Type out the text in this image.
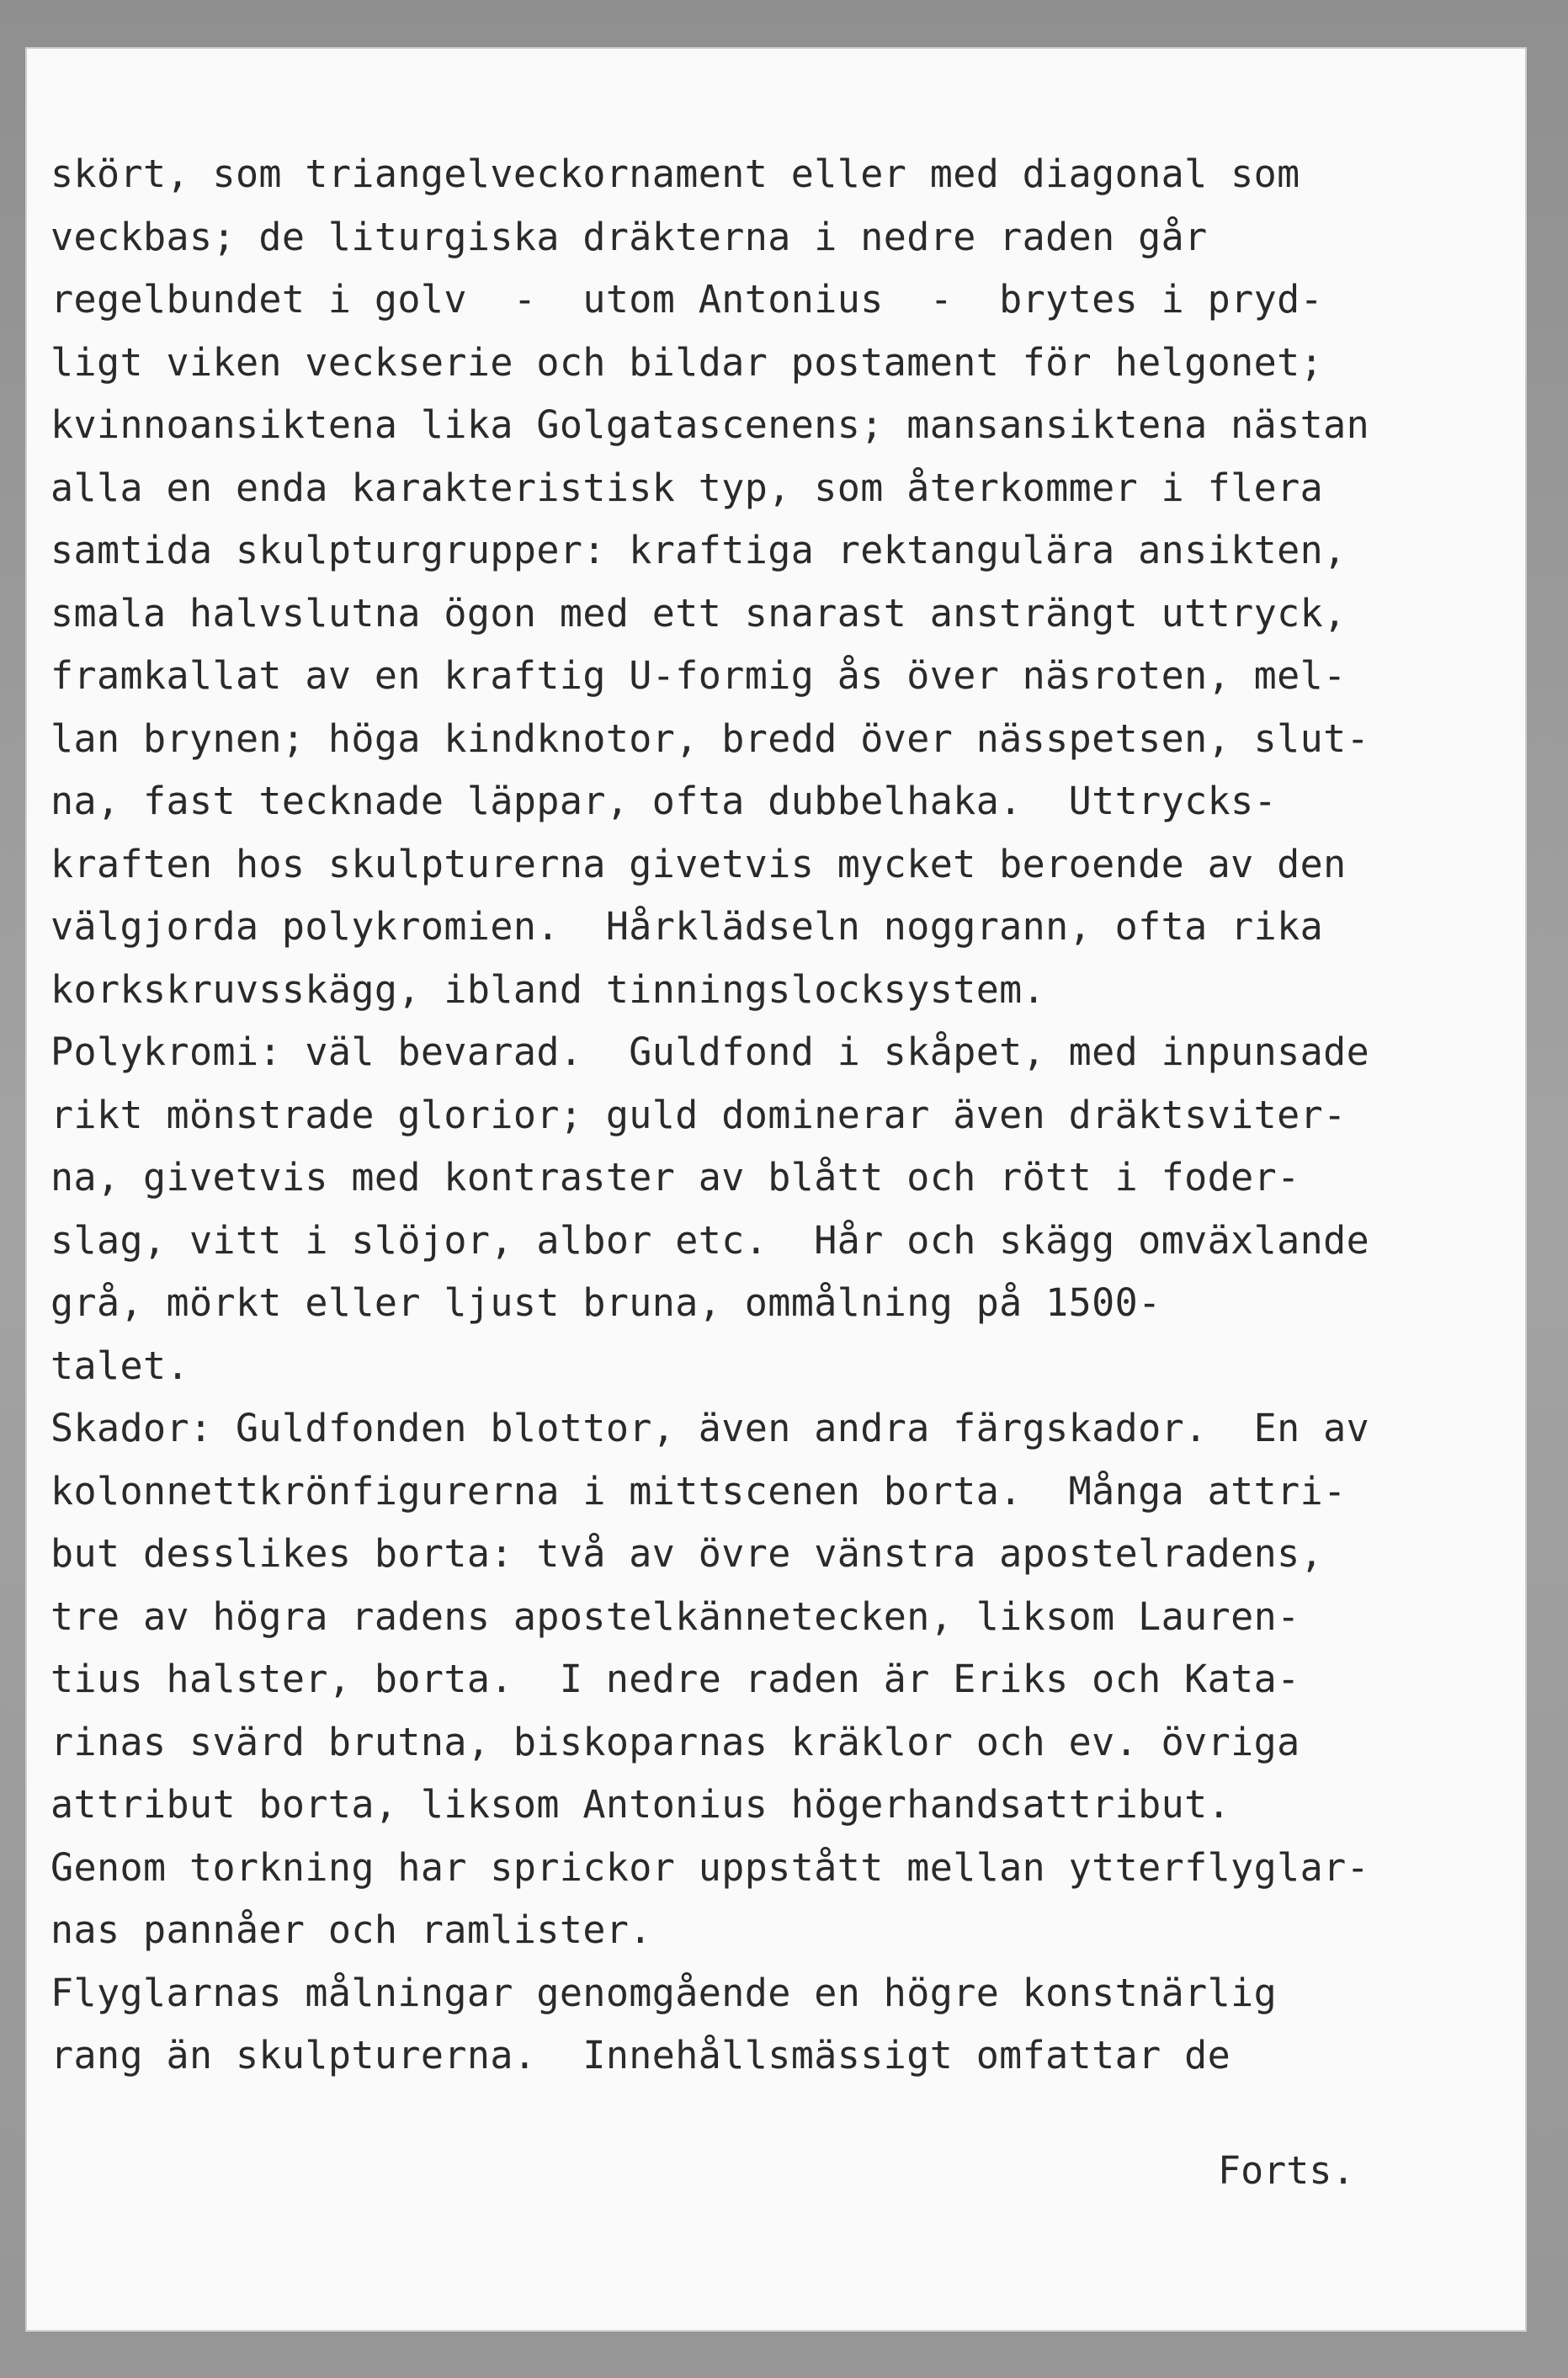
skört, som triangelveckornament eller med diagonal som
veckbas; de liturgiska dräkterna i nedre raden går
regelbundet i golv  -  utom Antonius  -  brytes i pryd-
ligt viken veckserie och bildar postament för helgonet;
kvinnoansiktena lika Golgatascenens; mansansiktena nästan
alla en enda karakteristisk typ, som återkommer i flera
samtida skulpturgrupper: kraftiga rektangulära ansikten,
smala halvslutna ögon med ett snarast ansträngt uttryck,
framkallat av en kraftig U-formig ås över näsroten, mel-
lan brynen; höga kindknotor, bredd över nässpetsen, slut-
na, fast tecknade läppar, ofta dubbelhaka.  Uttrycks-
kraften hos skulpturerna givetvis mycket beroende av den
välgjorda polykromien.  Hårklädseln noggrann, ofta rika
korkskruvsskägg, ibland tinningslocksystem.
Polykromi: väl bevarad.  Guldfond i skåpet, med inpunsade
rikt mönstrade glorior; guld dominerar även dräktsviter-
na, givetvis med kontraster av blått och rött i foder-
slag, vitt i slöjor, albor etc.  Hår och skägg omväxlande
grå, mörkt eller ljust bruna, ommålning på 1500-
talet.
Skador: Guldfonden blottor, även andra färgskador.  En av
kolonnettkrönfigurerna i mittscenen borta.  Många attri-
but desslikes borta: två av övre vänstra apostelradens,
tre av högra radens apostelkännetecken, liksom Lauren-
tius halster, borta.  I nedre raden är Eriks och Kata-
rinas svärd brutna, biskoparnas kräklor och ev. övriga
attribut borta, liksom Antonius högerhandsattribut.
Genom torkning har sprickor uppstått mellan ytterflyglar-
nas pannåer och ramlister.
Flyglarnas målningar genomgående en högre konstnärlig
rang än skulpturerna.  Innehållsmässigt omfattar de
Forts.
